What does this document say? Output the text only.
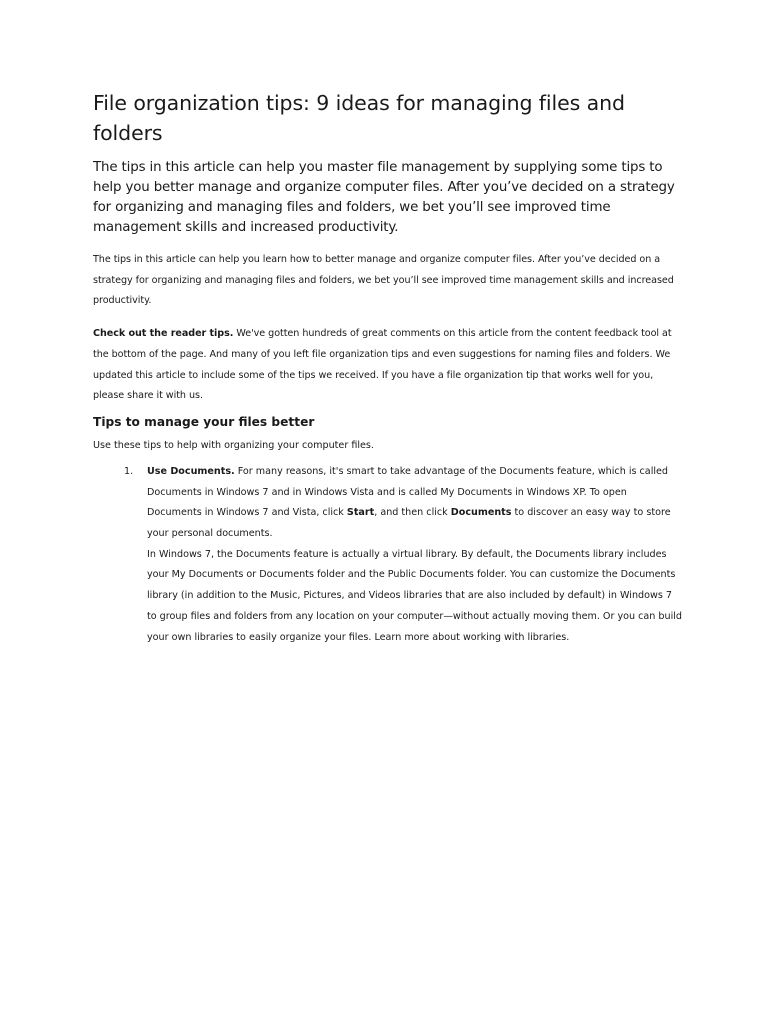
File organization tips: 9 ideas for managing files and folders

The tips in this article can help you master file management by supplying some tips to help you better manage and organize computer files. After you’ve decided on a strategy for organizing and managing files and folders, we bet you’ll see improved time management skills and increased productivity.

The tips in this article can help you learn how to better manage and organize computer files. After you’ve decided on a strategy for organizing and managing files and folders, we bet you’ll see improved time management skills and increased productivity.

Check out the reader tips. We've gotten hundreds of great comments on this article from the content feedback tool at the bottom of the page. And many of you left file organization tips and even suggestions for naming files and folders. We updated this article to include some of the tips we received. If you have a file organization tip that works well for you, please share it with us.

Tips to manage your files better

Use these tips to help with organizing your computer files.

1. Use Documents. For many reasons, it's smart to take advantage of the Documents feature, which is called Documents in Windows 7 and in Windows Vista and is called My Documents in Windows XP. To open Documents in Windows 7 and Vista, click Start, and then click Documents to discover an easy way to store your personal documents.

In Windows 7, the Documents feature is actually a virtual library. By default, the Documents library includes your My Documents or Documents folder and the Public Documents folder. You can customize the Documents library (in addition to the Music, Pictures, and Videos libraries that are also included by default) in Windows 7 to group files and folders from any location on your computer—without actually moving them. Or you can build your own libraries to easily organize your files. Learn more about working with libraries.
